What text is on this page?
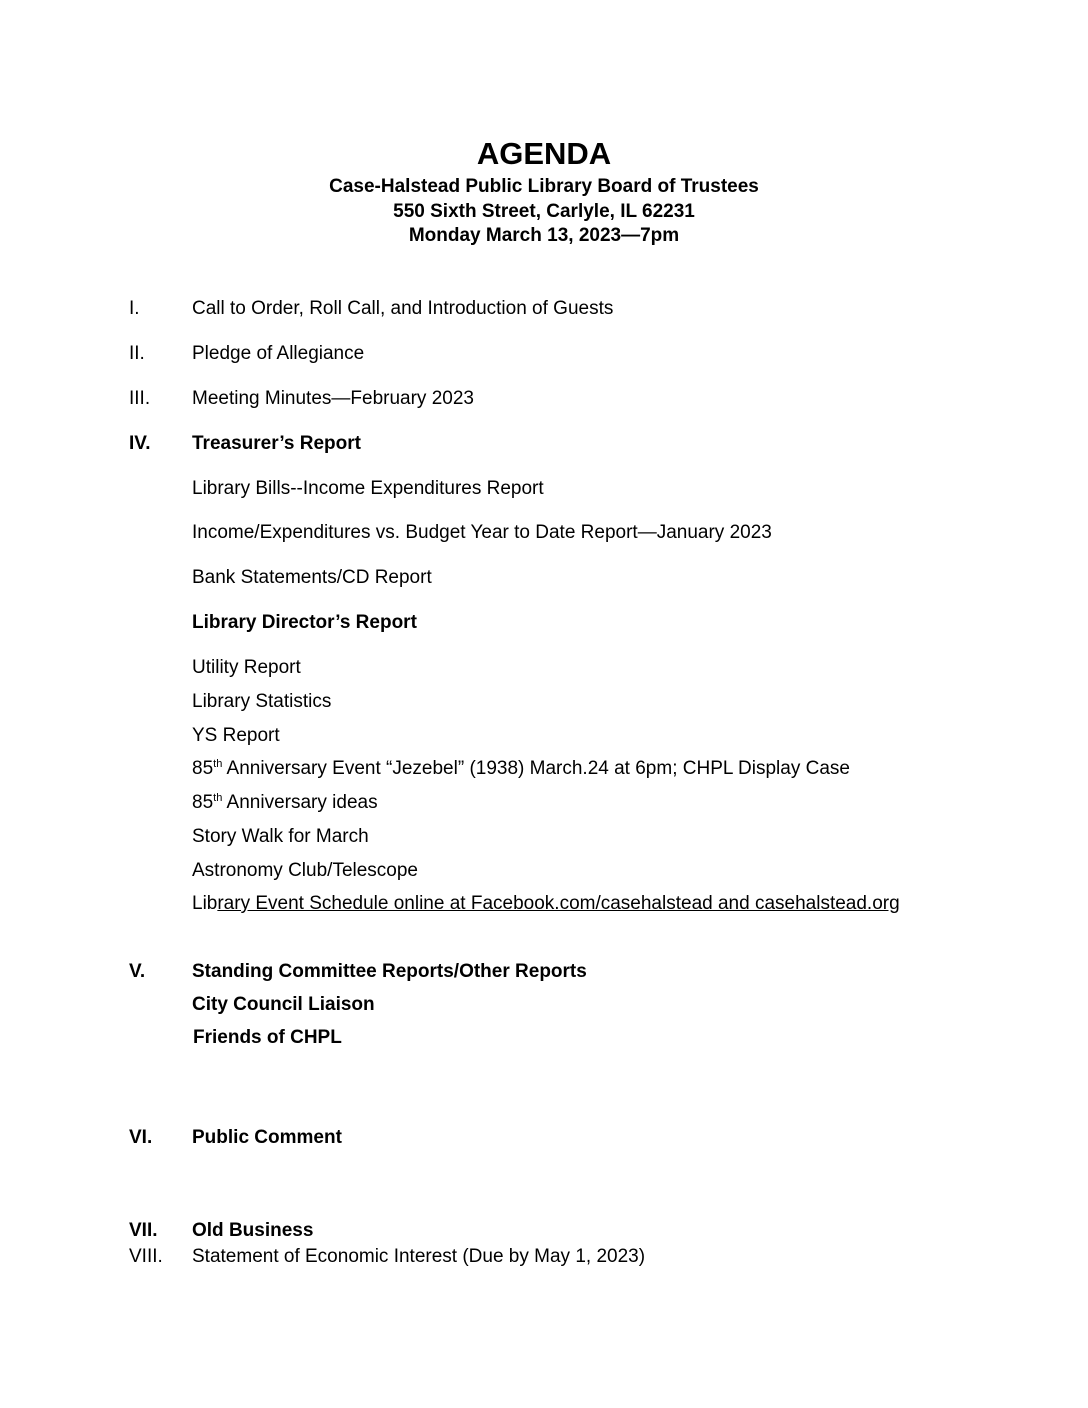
AGENDA
Case-Halstead Public Library Board of Trustees
550 Sixth Street, Carlyle, IL 62231
Monday March 13, 2023—7pm
I.	Call to Order, Roll Call, and Introduction of Guests
II. Pledge of Allegiance
III. Meeting Minutes—February 2023
IV. Treasurer’s Report
Library Bills--Income Expenditures Report
Income/Expenditures vs. Budget Year to Date Report—January 2023
Bank Statements/CD Report
Library Director’s Report
Utility Report
Library Statistics
YS Report
85th Anniversary Event “Jezebel” (1938) March.24 at 6pm; CHPL Display Case
85th Anniversary ideas
Story Walk for March
Astronomy Club/Telescope
Library Event Schedule online at Facebook.com/casehalstead and casehalstead.org
V. Standing Committee Reports/Other Reports
City Council Liaison
Friends of CHPL
VI. Public Comment
VII. Old Business
VIII. Statement of Economic Interest (Due by May 1, 2023)
